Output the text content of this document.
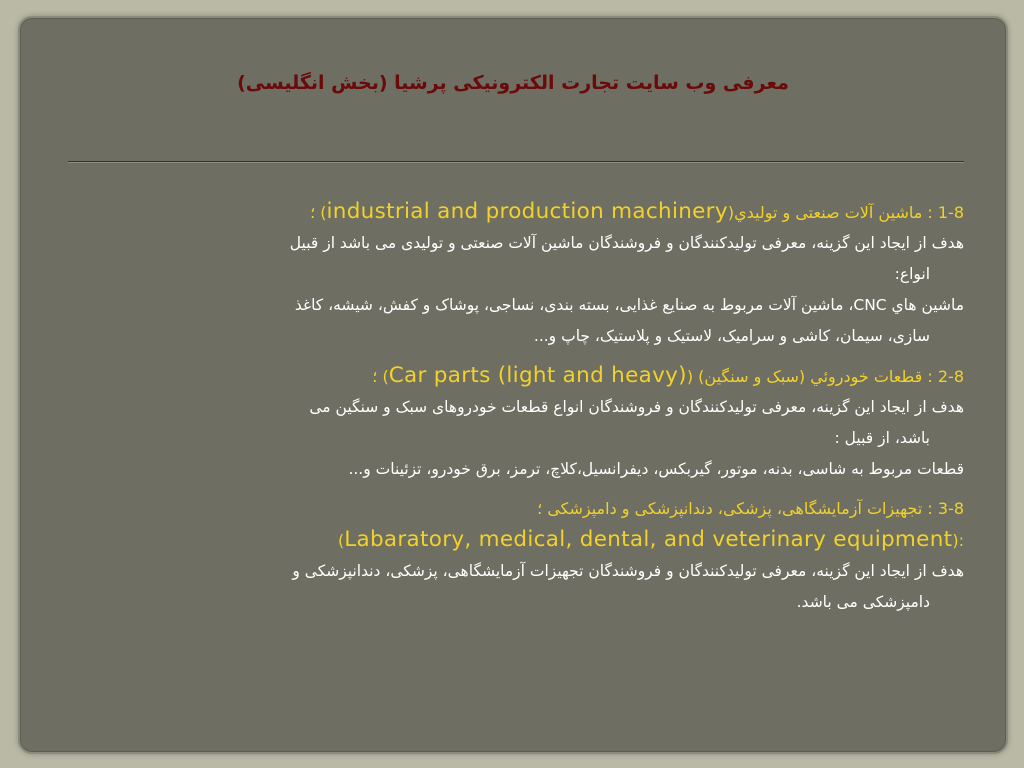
معرفی وب سایت تجارت الکترونیکی پرشیا (بخش انگلیسی)
1-8 : ماشین آلات صنعتی و تولیدي(industrial and production machinery) ؛
هدف از ایجاد این گزینه، معرفی تولیدکنندگان و فروشندگان ماشین آلات صنعتی و تولیدی می باشد از قبیل
انواع:
ماشین هاي CNC، ماشین آلات مربوط به صنایع غذایی، بسته بندی، نساجی، پوشاک و کفش، شیشه، کاغذ
سازی، سیمان، کاشی و سرامیک، لاستیک و پلاستیک، چاپ و...
2-8 : قطعات خودروئي (سبک و سنگین) (Car parts (light and heavy)) ؛
هدف از ایجاد این گزینه، معرفی تولیدکنندگان و فروشندگان انواع قطعات خودروهای سبک و سنگین می
باشد، از قبیل :
قطعات مربوط به شاسی، بدنه، موتور، گیربکس، دیفرانسیل،کلاچ، ترمز، برق خودرو، تزئینات و...
3-8 : تجهیزات آزمایشگاهی، پزشکی، دندانپزشکی و دامپزشکی ؛
(Labaratory, medical, dental, and veterinary equipment):
هدف از ایجاد این گزینه، معرفی تولیدکنندگان و فروشندگان تجهیزات آزمایشگاهی، پزشکی، دندانپزشکی و
دامپزشکی می باشد.
